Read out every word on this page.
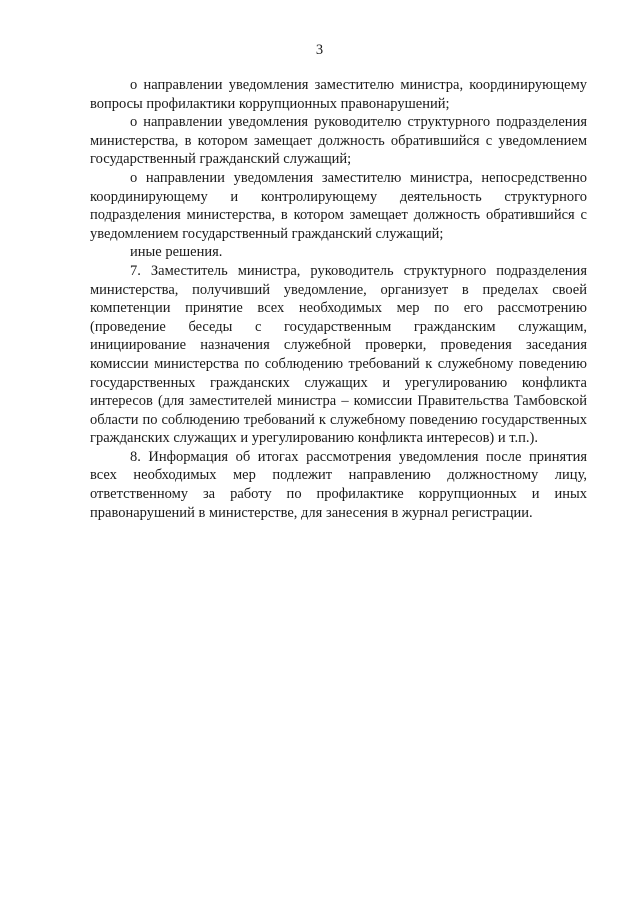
3

о направлении уведомления заместителю министра, координирующему вопросы профилактики коррупционных правонарушений;

о направлении уведомления руководителю структурного подразделения министерства, в котором замещает должность обратившийся с уведомлением государственный гражданский служащий;

о направлении уведомления заместителю министра, непосредственно координирующему и контролирующему деятельность структурного подразделения министерства, в котором замещает должность обратившийся с уведомлением государственный гражданский служащий;

иные решения.

7. Заместитель министра, руководитель структурного подразделения министерства, получивший уведомление, организует в пределах своей компетенции принятие всех необходимых мер по его рассмотрению (проведение беседы с государственным гражданским служащим, инициирование назначения служебной проверки, проведения заседания комиссии министерства по соблюдению требований к служебному поведению государственных гражданских служащих и урегулированию конфликта интересов (для заместителей министра – комиссии Правительства Тамбовской области по соблюдению требований к служебному поведению государственных гражданских служащих и урегулированию конфликта интересов) и т.п.).

8. Информация об итогах рассмотрения уведомления после принятия всех необходимых мер подлежит направлению должностному лицу, ответственному за работу по профилактике коррупционных и иных правонарушений в министерстве, для занесения в журнал регистрации.
